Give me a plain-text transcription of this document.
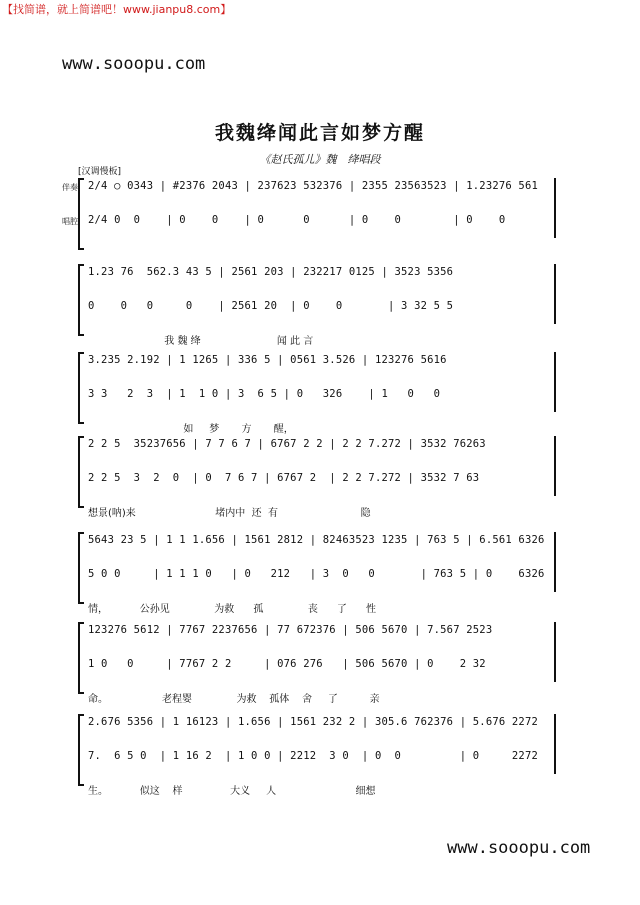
【找简谱，就上简谱吧！www.jianpu8.com】
www.sooopu.com
我魏绛闻此言如梦方醒
《赵氏孤儿》魏　绛唱段
[汉调慢板]
伴奏
唱腔
2/4 ○ 0343 | #2376 2043 | 237623 532376 | 2355 23563523 | 1.23276 561
2/4 0  0    | 0    0    | 0      0      | 0    0        | 0    0
1.23 76  562.3 43 5 | 2561 203 | 232217 0125 | 3523 5356
0    0   0     0    | 2561 20  | 0    0       | 3 32 5 5
我 魏 绛                        闻 此 言
3.235 2.192 | 1 1265 | 336 5 | 0561 3.526 | 123276 5616
3 3   2  3  | 1  1 0 | 3  6 5 | 0   326    | 1   0   0
如     梦       方       醒，
2 2 5  35237656 | 7 7 6 7 | 6767 2 2 | 2 2 7.272 | 3532 76263
2 2 5  3  2  0  | 0  7 6 7 | 6767 2  | 2 2 7.272 | 3532 7 63
想景(呐)来                         堵内中  还  有                          隐
5643 23 5 | 1 1 1.656 | 1561 2812 | 82463523 1235 | 763 5 | 6.561 6326
5 0 0     | 1 1 1 0   | 0   212   | 3  0   0       | 763 5 | 0    6326
情，          公孙见              为救      孤              丧      了      性
123276 5612 | 7767 2237656 | 77 672376 | 506 5670 | 7.567 2523
1 0   0     | 7767 2 2     | 076 276   | 506 5670 | 0    2 32
命。                 老程婴              为救    孤体    舍     了          亲
2.676 5356 | 1 16123 | 1.656 | 1561 232 2 | 305.6 762376 | 5.676 2272
7.  6 5 0  | 1 16 2  | 1 0 0 | 2212  3 0  | 0  0         | 0     2272
生。          似这    样               大义     人                         细想
www.sooopu.com
